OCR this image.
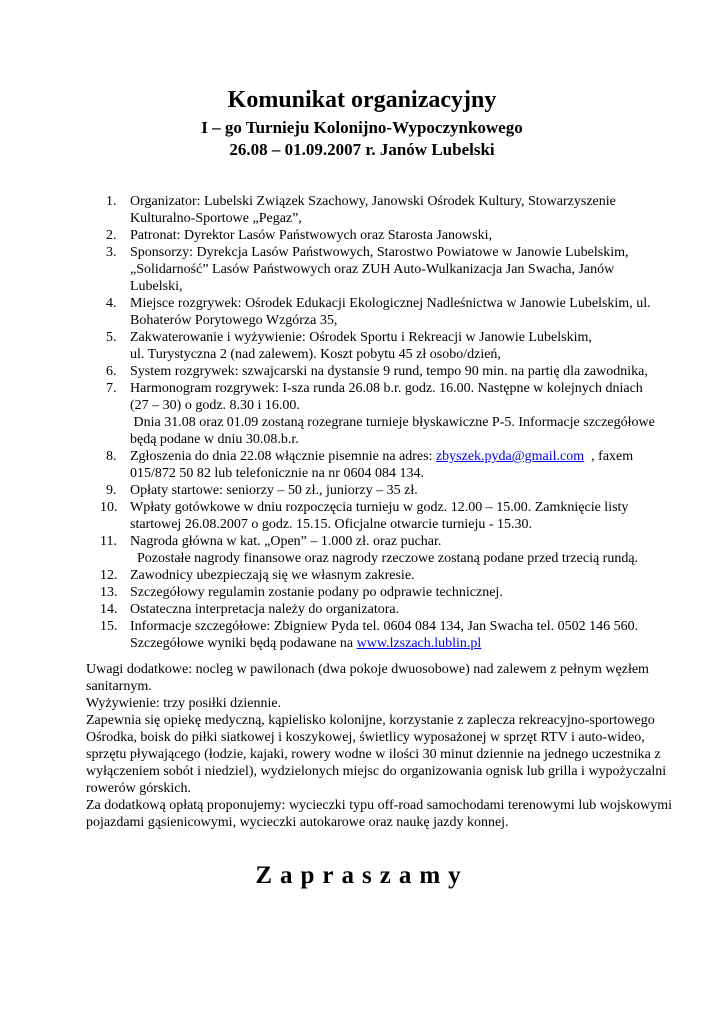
Komunikat organizacyjny
I – go Turnieju Kolonijno-Wypoczynkowego
26.08 – 01.09.2007 r. Janów Lubelski
1. Organizator: Lubelski Związek Szachowy, Janowski Ośrodek Kultury, Stowarzyszenie
Kulturalno-Sportowe „Pegaz”,
2. Patronat: Dyrektor Lasów Państwowych oraz Starosta Janowski,
3. Sponsorzy: Dyrekcja Lasów Państwowych, Starostwo Powiatowe w Janowie Lubelskim,
„Solidarność” Lasów Państwowych oraz ZUH Auto-Wulkanizacja Jan Swacha, Janów
Lubelski,
4. Miejsce rozgrywek: Ośrodek Edukacji Ekologicznej Nadleśnictwa w Janowie Lubelskim, ul.
Bohaterów Porytowego Wzgórza 35,
5. Zakwaterowanie i wyżywienie: Ośrodek Sportu i Rekreacji w Janowie Lubelskim,
ul. Turystyczna 2 (nad zalewem). Koszt pobytu 45 zł osobo/dzień,
6. System rozgrywek: szwajcarski na dystansie 9 rund, tempo 90 min. na partię dla zawodnika,
7. Harmonogram rozgrywek: I-sza runda 26.08 b.r. godz. 16.00. Następne w kolejnych dniach
(27 – 30) o godz. 8.30 i 16.00.
Dnia 31.08 oraz 01.09 zostaną rozegrane turnieje błyskawiczne P-5. Informacje szczegółowe
będą podane w dniu 30.08.b.r.
8. Zgłoszenia do dnia 22.08 włącznie pisemnie na adres: zbyszek.pyda@gmail.com  , faxem
015/872 50 82 lub telefonicznie na nr 0604 084 134.
9. Opłaty startowe: seniorzy – 50 zł., juniorzy – 35 zł.
10. Wpłaty gotówkowe w dniu rozpoczęcia turnieju w godz. 12.00 – 15.00. Zamknięcie listy
startowej 26.08.2007 o godz. 15.15. Oficjalne otwarcie turnieju - 15.30.
11. Nagroda główna w kat. „Open” – 1.000 zł. oraz puchar.
Pozostałe nagrody finansowe oraz nagrody rzeczowe zostaną podane przed trzecią rundą.
12. Zawodnicy ubezpieczają się we własnym zakresie.
13. Szczegółowy regulamin zostanie podany po odprawie technicznej.
14. Ostateczna interpretacja należy do organizatora.
15. Informacje szczegółowe: Zbigniew Pyda tel. 0604 084 134, Jan Swacha tel. 0502 146 560.
Szczegółowe wyniki będą podawane na www.lzszach.lublin.pl

Uwagi dodatkowe: nocleg w pawilonach (dwa pokoje dwuosobowe) nad zalewem z pełnym węzłem sanitarnym.

Wyżywienie: trzy posiłki dziennie.

Zapewnia się opiekę medyczną, kąpielisko kolonijne, korzystanie z zaplecza rekreacyjno-sportowego Ośrodka, boisk do piłki siatkowej i koszykowej, świetlicy wyposażonej w sprzęt RTV i auto-wideo, sprzętu pływającego (łodzie, kajaki, rowery wodne w ilości 30 minut dziennie na jednego uczestnika z wyłączeniem sobót i niedziel), wydzielonych miejsc do organizowania ognisk lub grilla i wypożyczalni rowerów górskich.

Za dodatkową opłatą proponujemy: wycieczki typu off-road samochodami terenowymi lub wojskowymi pojazdami gąsienicowymi, wycieczki autokarowe oraz naukę jazdy konnej.

Zapraszamy
